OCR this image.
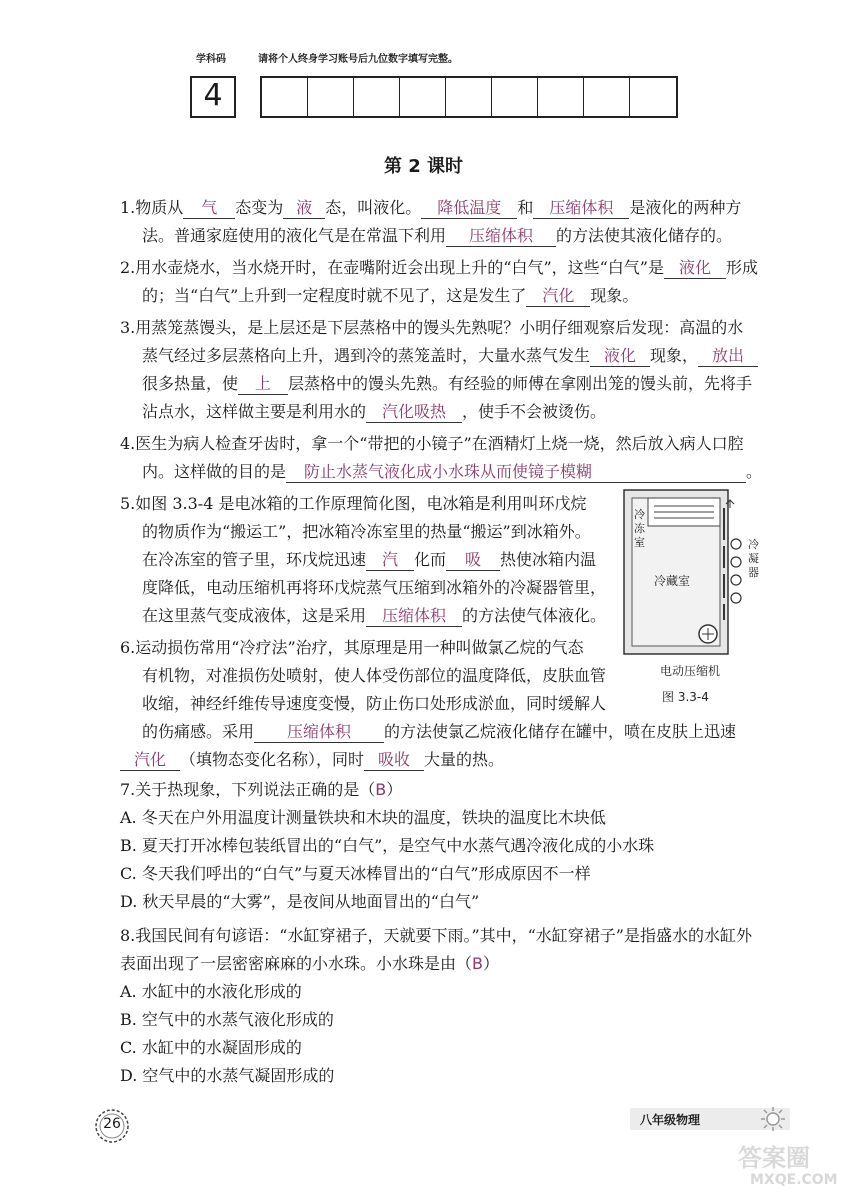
学科码	请将个人终身学习账号后九位数字填写完整。
4
第 2 课时
1.物质从 气 态变为 液 态，叫液化。 降低温度 和 压缩体积 是液化的两种方
法。普通家庭使用的液化气是在常温下利用 压缩体积 的方法使其液化储存的。
2.用水壶烧水，当水烧开时，在壶嘴附近会出现上升的“白气”，这些“白气”是 液化 形成
的；当“白气”上升到一定程度时就不见了，这是发生了 汽化 现象。
3.用蒸笼蒸馒头，是上层还是下层蒸格中的馒头先熟呢？小明仔细观察后发现：高温的水
蒸气经过多层蒸格向上升，遇到冷的蒸笼盖时，大量水蒸气发生 液化 现象， 放出
很多热量，使 上 层蒸格中的馒头先熟。有经验的师傅在拿刚出笼的馒头前，先将手
沾点水，这样做主要是利用水的 汽化吸热 ，使手不会被烫伤。
4.医生为病人检查牙齿时，拿一个“带把的小镜子”在酒精灯上烧一烧，然后放入病人口腔
内。这样做的目的是 防止水蒸气液化成小水珠从而使镜子模糊	。
5.如图 3.3-4 是电冰箱的工作原理简化图，电冰箱是利用叫环戊烷
的物质作为“搬运工”，把冰箱冷冻室里的热量“搬运”到冰箱外。
在冷冻室的管子里，环戊烷迅速 汽 化而 吸 热使冰箱内温
度降低，电动压缩机再将环戊烷蒸气压缩到冰箱外的冷凝器管里，
在这里蒸气变成液体，这是采用 压缩体积 的方法使气体液化。
冷冻室
冷藏室
冷凝器
电动压缩机
图 3.3-4
6.运动损伤常用“冷疗法”治疗，其原理是用一种叫做氯乙烷的气态
有机物，对准损伤处喷射，使人体受伤部位的温度降低，皮肤血管
收缩，神经纤维传导速度变慢，防止伤口处形成淤血，同时缓解人
的伤痛感。采用 压缩体积 的方法使氯乙烷液化储存在罐中，喷在皮肤上迅速
汽化 （填物态变化名称），同时 吸收 大量的热。
7.关于热现象，下列说法正确的是（B）
A. 冬天在户外用温度计测量铁块和木块的温度，铁块的温度比木块低
B. 夏天打开冰棒包装纸冒出的“白气”，是空气中水蒸气遇冷液化成的小水珠
C. 冬天我们呼出的“白气”与夏天冰棒冒出的“白气”形成原因不一样
D. 秋天早晨的“大雾”，是夜间从地面冒出的“白气”
8.我国民间有句谚语：“水缸穿裙子，天就要下雨。”其中，“水缸穿裙子”是指盛水的水缸外
表面出现了一层密密麻麻的小水珠。小水珠是由（B）
A. 水缸中的水液化形成的
B. 空气中的水蒸气液化形成的
C. 水缸中的水凝固形成的
D. 空气中的水蒸气凝固形成的
26	八年级物理
答案圈
MXQE.COM
